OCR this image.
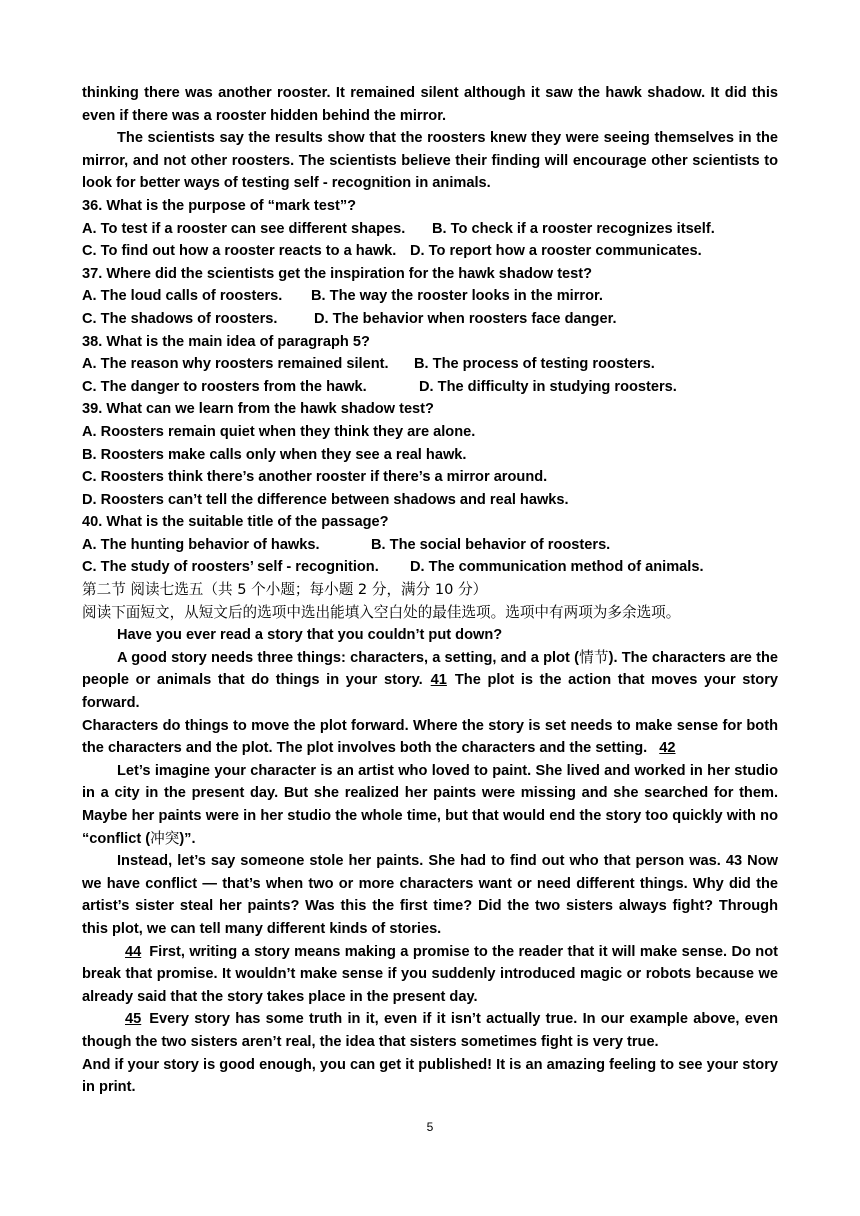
thinking there was another rooster. It remained silent although it saw the hawk shadow. It did this even if there was a rooster hidden behind the mirror.

The scientists say the results show that the roosters knew they were seeing themselves in the mirror, and not other roosters. The scientists believe their finding will encourage other scientists to look for better ways of testing self - recognition in animals.

36. What is the purpose of “mark test”?

A. To test if a rooster can see different shapes.	B. To check if a rooster recognizes itself.
C. To find out how a rooster reacts to a hawk. D. To report how a rooster communicates.

37. Where did the scientists get the inspiration for the hawk shadow test?

A. The loud calls of roosters.	B. The way the rooster looks in the mirror.
C. The shadows of roosters.	D. The behavior when roosters face danger.

38. What is the main idea of paragraph 5?

A. The reason why roosters remained silent.	B. The process of testing roosters.
C. The danger to roosters from the hawk.	D. The difficulty in studying roosters.

39. What can we learn from the hawk shadow test?

A. Roosters remain quiet when they think they are alone.

B. Roosters make calls only when they see a real hawk.

C. Roosters think there’s another rooster if there’s a mirror around.

D. Roosters can’t tell the difference between shadows and real hawks.

40. What is the suitable title of the passage?

A. The hunting behavior of hawks.	B. The social behavior of roosters.
C. The study of roosters’ self - recognition.	D. The communication method of animals.

第二节 阅读七选五（共 5 个小题；每小题 2 分，满分 10 分）

阅读下面短文，从短文后的选项中选出能填入空白处的最佳选项。选项中有两项为多余选项。

Have you ever read a story that you couldn’t put down?

A good story needs three things: characters, a setting, and a plot (情节). The characters are the people or animals that do things in your story. 41 The plot is the action that moves your story forward.

Characters do things to move the plot forward. Where the story is set needs to make sense for both the characters and the plot. The plot involves both the characters and the setting. 42

Let’s imagine your character is an artist who loved to paint. She lived and worked in her studio in a city in the present day. But she realized her paints were missing and she searched for them. Maybe her paints were in her studio the whole time, but that would end the story too quickly with no “conflict (冲突)”.

Instead, let’s say someone stole her paints. She had to find out who that person was. 43 Now we have conflict — that’s when two or more characters want or need different things. Why did the artist’s sister steal her paints? Was this the first time? Did the two sisters always fight? Through this plot, we can tell many different kinds of stories.

44 First, writing a story means making a promise to the reader that it will make sense. Do not break that promise. It wouldn’t make sense if you suddenly introduced magic or robots because we already said that the story takes place in the present day.

45 Every story has some truth in it, even if it isn’t actually true. In our example above, even though the two sisters aren’t real, the idea that sisters sometimes fight is very true.

And if your story is good enough, you can get it published! It is an amazing feeling to see your story in print.

5
